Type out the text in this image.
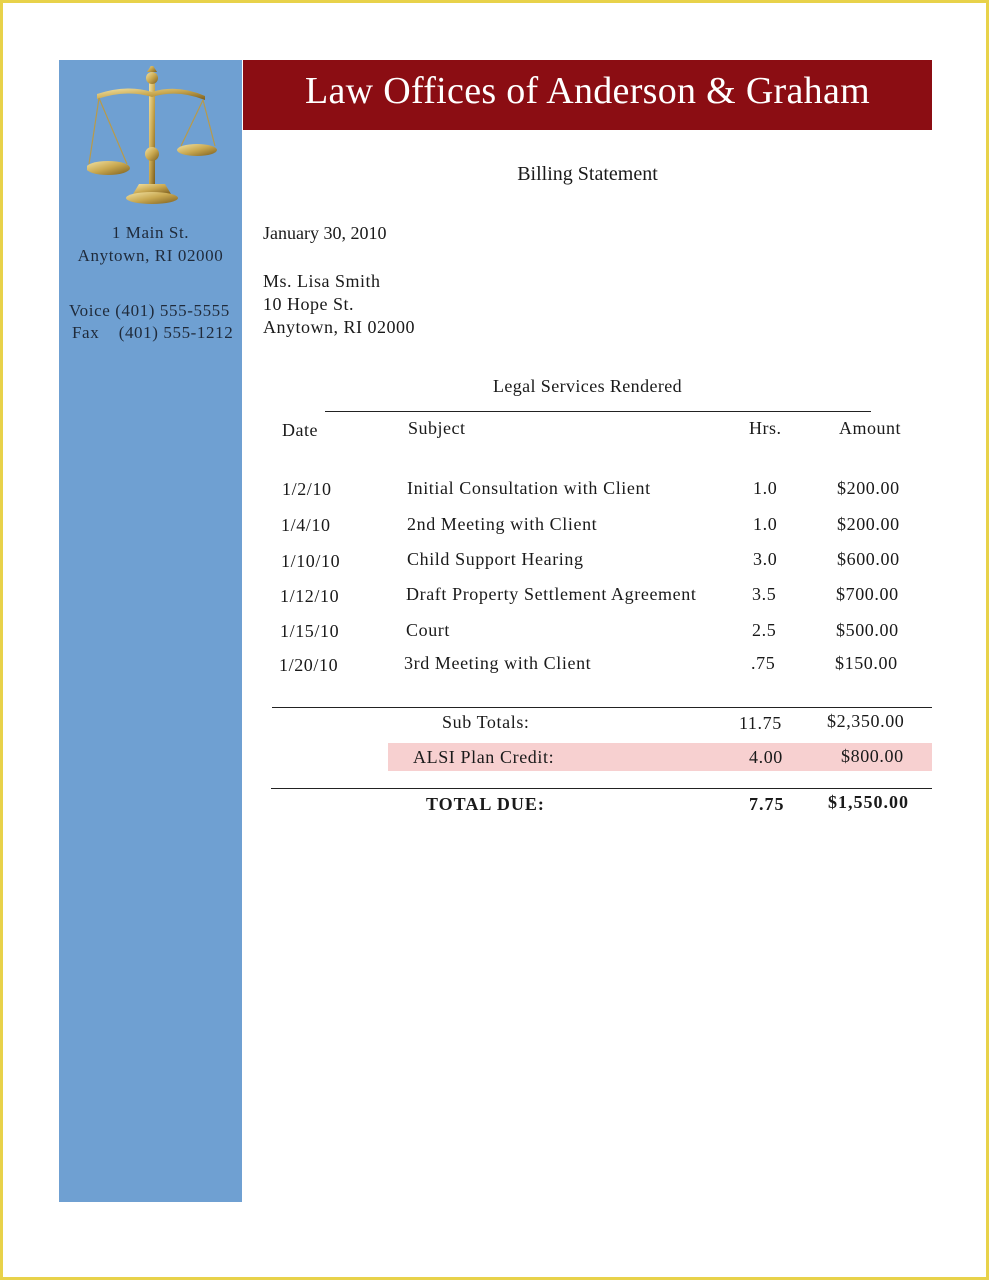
1 Main St.
Anytown, RI 02000
Voice (401) 555-5555
Fax    (401) 555-1212
Law Offices of Anderson & Graham
Billing Statement
January 30, 2010
Ms. Lisa Smith
10 Hope St.
Anytown, RI 02000
Legal Services Rendered
Date	Subject	Hrs.	Amount
1/2/10	Initial Consultation with Client	1.0	$200.00
1/4/10	2nd Meeting with Client	1.0	$200.00
1/10/10	Child Support Hearing	3.0	$600.00
1/12/10	Draft Property Settlement Agreement	3.5	$700.00
1/15/10	Court	2.5	$500.00
1/20/10	3rd Meeting with Client	.75	$150.00
Sub Totals:	11.75	$2,350.00
ALSI Plan Credit:	4.00	$800.00
TOTAL DUE:	7.75 $1,550.00
